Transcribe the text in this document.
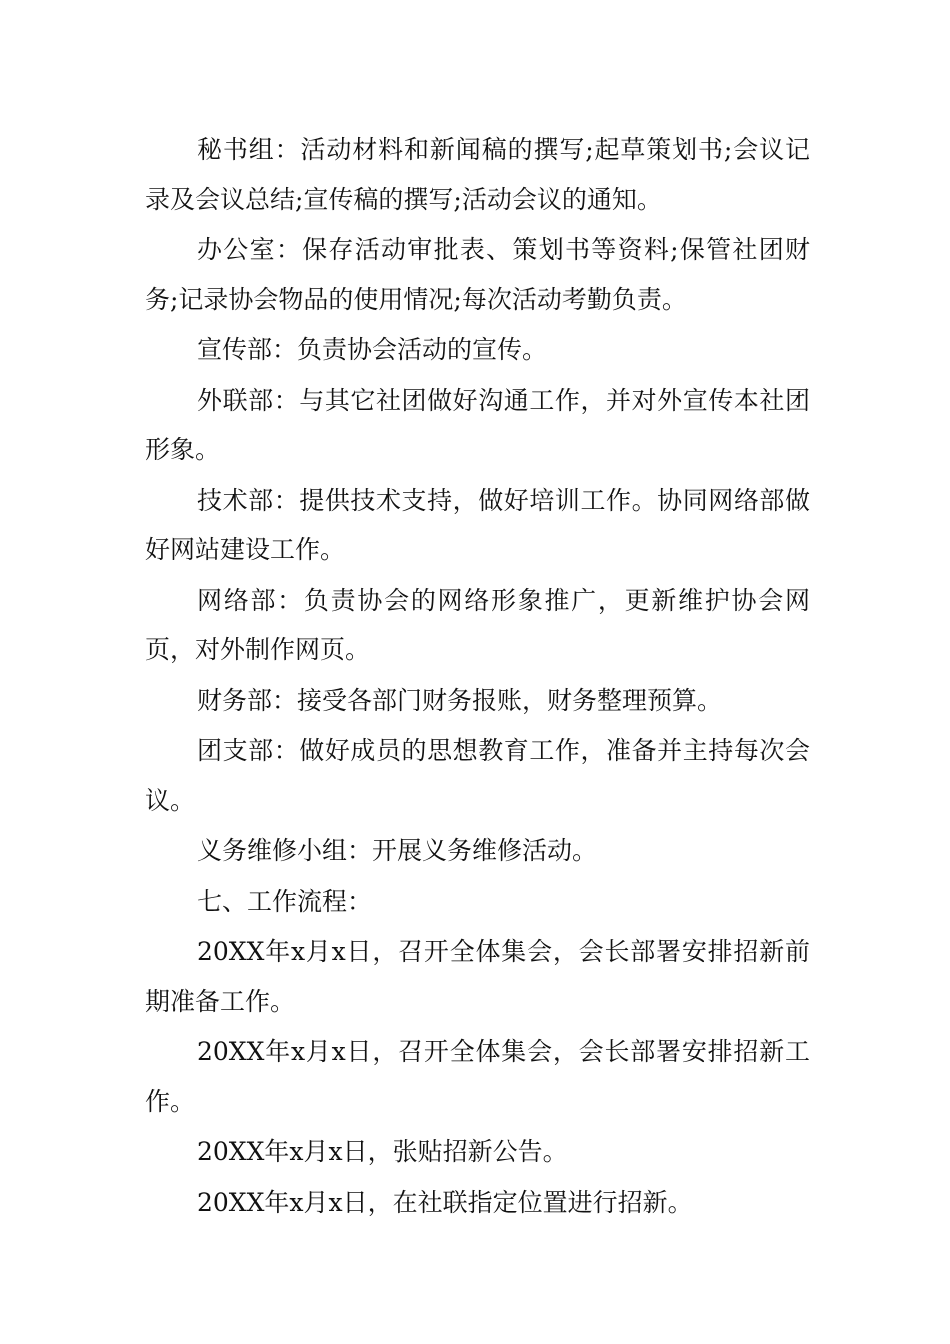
秘书组：活动材料和新闻稿的撰写;起草策划书;会议记录及会议总结;宣传稿的撰写;活动会议的通知。

办公室：保存活动审批表、策划书等资料;保管社团财务;记录协会物品的使用情况;每次活动考勤负责。

宣传部：负责协会活动的宣传。

外联部：与其它社团做好沟通工作，并对外宣传本社团形象。

技术部：提供技术支持，做好培训工作。协同网络部做好网站建设工作。

网络部：负责协会的网络形象推广，更新维护协会网页，对外制作网页。

财务部：接受各部门财务报账，财务整理预算。

团支部：做好成员的思想教育工作，准备并主持每次会议。

义务维修小组：开展义务维修活动。

七、工作流程：

20XX年x月x日，召开全体集会，会长部署安排招新前期准备工作。

20XX年x月x日，召开全体集会，会长部署安排招新工作。

20XX年x月x日，张贴招新公告。

20XX年x月x日，在社联指定位置进行招新。
